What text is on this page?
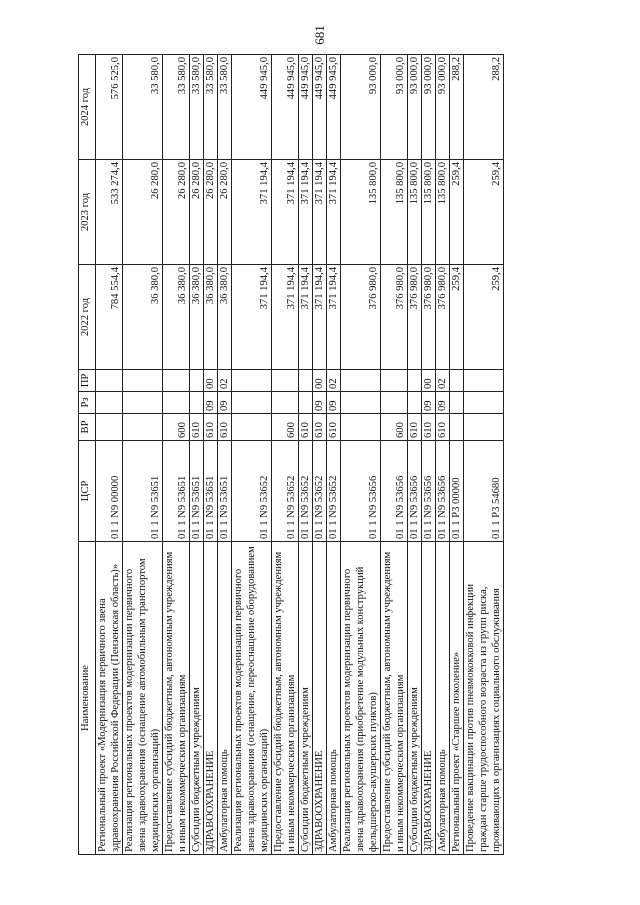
681
Наименование	ЦСР	ВР	Рз	ПР	2022 год	2023 год	2024 год
Региональный проект «Модернизация первичного звена здравоохранения Российской Федерации (Пензенская область)»	01 1 N9 00000				784 554,4	533 274,4	576 525,0
Реализация региональных проектов модернизации первичного звена здравоохранения (оснащение автомобильным транспортом медицинских организаций)	01 1 N9 53651				36 380,0	26 280,0	33 580,0
Предоставление субсидий бюджетным, автономным учреждениям и иным некоммерческим организациям	01 1 N9 53651	600			36 380,0	26 280,0	33 580,0
Субсидии бюджетным учреждениям	01 1 N9 53651	610			36 380,0	26 280,0	33 580,0
ЗДРАВООХРАНЕНИЕ	01 1 N9 53651	610	09	00	36 380,0	26 280,0	33 580,0
Амбулаторная помощь	01 1 N9 53651	610	09	02	36 380,0	26 280,0	33 580,0
Реализация региональных проектов модернизации первичного звена здравоохранения (оснащение, переоснащение оборудованием медицинских организаций)	01 1 N9 53652				371 194,4	371 194,4	449 945,0
Предоставление субсидий бюджетным, автономным учреждениям и иным некоммерческим организациям	01 1 N9 53652	600			371 194,4	371 194,4	449 945,0
Субсидии бюджетным учреждениям	01 1 N9 53652	610			371 194,4	371 194,4	449 945,0
ЗДРАВООХРАНЕНИЕ	01 1 N9 53652	610	09	00	371 194,4	371 194,4	449 945,0
Амбулаторная помощь	01 1 N9 53652	610	09	02	371 194,4	371 194,4	449 945,0
Реализация региональных проектов модернизации первичного звена здравоохранения (приобретение модульных конструкций фельдшерско-акушерских пунктов)	01 1 N9 53656				376 980,0	135 800,0	93 000,0
Предоставление субсидий бюджетным, автономным учреждениям и иным некоммерческим организациям	01 1 N9 53656	600			376 980,0	135 800,0	93 000,0
Субсидии бюджетным учреждениям	01 1 N9 53656	610			376 980,0	135 800,0	93 000,0
ЗДРАВООХРАНЕНИЕ	01 1 N9 53656	610	09	00	376 980,0	135 800,0	93 000,0
Амбулаторная помощь	01 1 N9 53656	610	09	02	376 980,0	135 800,0	93 000,0
Региональный проект «Старшее поколение»	01 1 P3 00000				259,4	259,4	288,2
Проведение вакцинации против пневмококковой инфекции граждан старше трудоспособного возраста из групп риска, проживающих в организациях социального обслуживания	01 1 P3 54680				259,4	259,4	288,2
